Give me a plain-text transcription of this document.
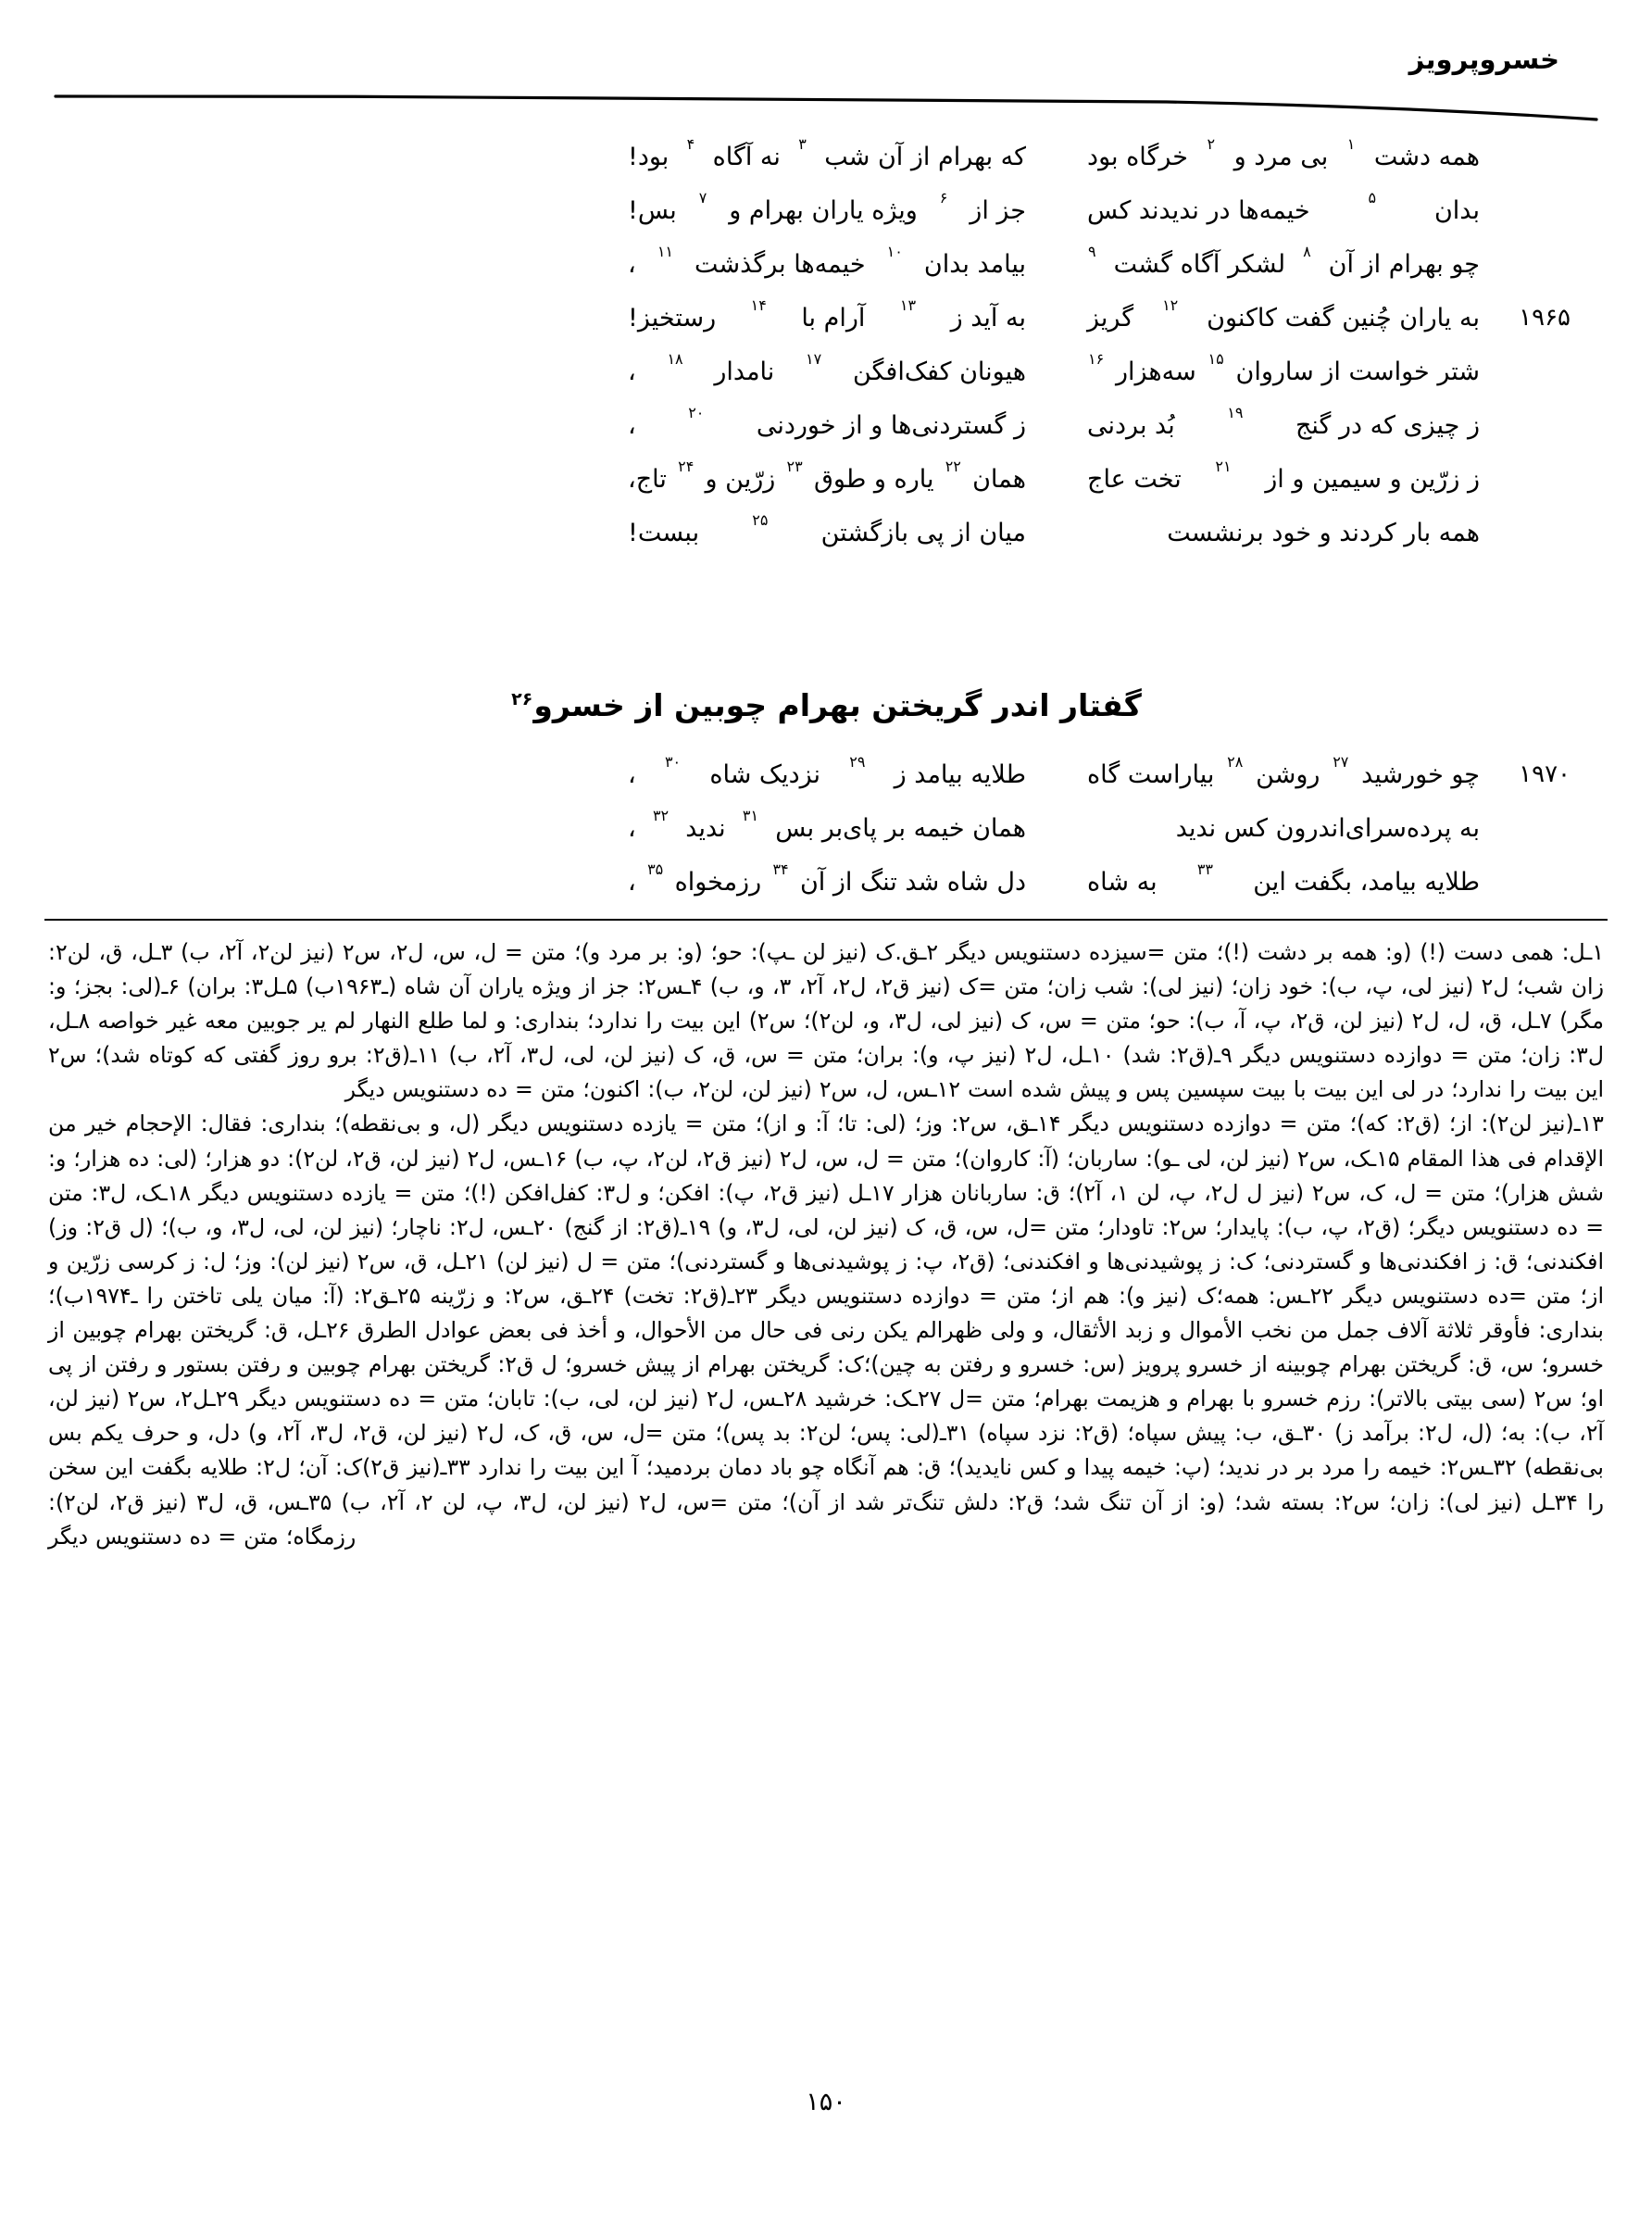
خسروپرویز
همه دشت
۱
بی مرد و
۲
خرگاه بود
که بهرام از آن شب
۳
نه آگاه
۴
بود!
بدان
۵
خیمه‌ها در ندیدند کس
جز از
۶
ویژه یاران بهرام و
۷
بس!
چو بهرام از آن
۸
لشکر آگاه گشت
۹
بیامد بدان
۱۰
خیمه‌ها برگذشت
۱۱
،
۱۹۶۵
به یاران چُنین گفت کاکنون
۱۲
گریز
به آید ز
۱۳
آرام با
۱۴
رستخیز!
شتر خواست از ساروان
۱۵
سه‌هزار
۱۶
هیونان کفک‌افگن
۱۷
نامدار
۱۸
،
ز چیزی که در گنج
۱۹
بُد بردنی
ز گستردنی‌ها و از خوردنی
۲۰
،
ز زرّین و سیمین و از
۲۱
تخت عاج
همان
۲۲
یاره و طوق
۲۳
زرّین و
۲۴
تاج،
همه بار کردند و خود برنشست
میان از پی بازگشتن
۲۵
ببست!
گفتار اندر گریختن بهرام چوبین از خسرو$^{۲۶}$
۱۹۷۰
چو خورشید
۲۷
روشن
۲۸
بیاراست گاه
طلایه بیامد ز
۲۹
نزدیک شاه
۳۰
،
به پرده‌سرای‌اندرون کس ندید
همان خیمه بر پای‌بر بس
۳۱
ندید
۳۲
،
طلایه بیامد، بگفت این
۳۳
به شاه
دل شاه شد تنگ از آن
۳۴
رزمخواه
۳۵
،

۱ـل: همی دست (!) (و: همه بر دشت (!)؛ متن =سیزده دستنویس دیگر ۲ـق.ک (نیز لن ـپ): حو؛ (و: بر مرد و)؛ متن = ل، س، ل۲، س۲ (نیز لن۲، آ۲، ب) ۳ـل، ق، لن۲: زان شب؛ ل۲ (نیز لی، پ، ب): خود زان؛ (نیز لی): شب زان؛ متن =ک (نیز ق۲، ل۲، آ۲، ۳، و، ب) ۴ـس۲: جز از ویژه یاران آن شاه (ـ۱۹۶۳ب) ۵ـل۳: بران) ۶ـ(لی: بجز؛ و: مگر) ۷ـل، ق، ل، ل۲ (نیز لن، ق۲، پ، آ، ب): حو؛ متن = س، ک (نیز لی، ل۳، و، لن۲)؛ س۲) این بیت را ندارد؛ بنداری: و لما طلع النهار لم یر جوبین معه غیر خواصه ۸ـل، ل۳: زان؛ متن = دوازده دستنویس دیگر ۹ـ(ق۲: شد) ۱۰ـل، ل۲ (نیز پ، و): بران؛ متن = س، ق، ک (نیز لن، لی، ل۳، آ۲، ب) ۱۱ـ(ق۲: برو روز گفتی که کوتاه شد)؛ س۲ این بیت را ندارد؛ در لی این بیت با بیت سپسین پس و پیش شده است ۱۲ـس، ل، س۲ (نیز لن، لن۲، ب): اکنون؛ متن = ده دستنویس دیگر

۱۳ـ(نیز لن۲): از؛ (ق۲: که)؛ متن = دوازده دستنویس دیگر ۱۴ـق، س۲: وز؛ (لی: تا؛ آ: و از)؛ متن = یازده دستنویس دیگر (ل، و بی‌نقطه)؛ بنداری: فقال: الإحجام خیر من الإقدام فی هذا المقام ۱۵ـک، س۲ (نیز لن، لی ـو): ساربان؛ (آ: کاروان)؛ متن = ل، س، ل۲ (نیز ق۲، لن۲، پ، ب) ۱۶ـس، ل۲ (نیز لن، ق۲، لن۲): دو هزار؛ (لی: ده هزار؛ و: شش هزار)؛ متن = ل، ک، س۲ (نیز ل ل۲، پ، لن ۱، آ۲)؛ ق: ساربانان هزار ۱۷ـل (نیز ق۲، پ): افکن؛ و ل۳: کفل‌افکن (!)؛ متن = یازده دستنویس دیگر ۱۸ـک، ل۳: متن = ده دستنویس دیگر؛ (ق۲، پ، ب): پایدار؛ س۲: تاودار؛ متن =ل، س، ق، ک (نیز لن، لی، ل۳، و) ۱۹ـ(ق۲: از گنج) ۲۰ـس، ل۲: ناچار؛ (نیز لن، لی، ل۳، و، ب)؛ (ل ق۲: وز) افکندنی؛ ق: ز افکندنی‌ها و گستردنی؛ ک: ز پوشیدنی‌ها و افکندنی؛ (ق۲، پ: ز پوشیدنی‌ها و گستردنی)؛ متن = ل (نیز لن) ۲۱ـل، ق، س۲ (نیز لن): وز؛ ل: ز کرسی زرّین و از؛ متن =ده دستنویس دیگر ۲۲ـس: همه؛ک (نیز و): هم از؛ متن = دوازده دستنویس دیگر ۲۳ـ(ق۲: تخت) ۲۴ـق، س۲: و زرّینه ۲۵ـق۲: (آ: میان یلی تاختن را ـ۱۹۷۴ب)؛ بنداری: فأوقر ثلاثة آلاف جمل من نخب الأموال و زبد الأثقال، و ولی ظهرالم یکن رنی فی حال من الأحوال، و أخذ فی بعض عوادل الطرق ۲۶ـل، ق: گریختن بهرام چوبین از خسرو؛ س، ق: گریختن بهرام چوبینه از خسرو پرویز (س: خسرو و رفتن به چین)؛ک: گریختن بهرام از پیش خسرو؛ ل ق۲: گریختن بهرام چوبین و رفتن بستور و رفتن از پی او؛ س۲ (سی بیتی بالاتر): رزم خسرو با بهرام و هزیمت بهرام؛ متن =ل ۲۷ـک: خرشید ۲۸ـس، ل۲ (نیز لن، لی، ب): تابان؛ متن = ده دستنویس دیگر ۲۹ـل۲، س۲ (نیز لن، آ۲، ب): به؛ (ل، ل۲: برآمد ز) ۳۰ـق، ب: پیش سپاه؛ (ق۲: نزد سپاه) ۳۱ـ(لی: پس؛ لن۲: بد پس)؛ متن =ل، س، ق، ک، ل۲ (نیز لن، ق۲، ل۳، آ۲، و) دل، و حرف یکم بس بی‌نقطه) ۳۲ـس۲: خیمه را مرد بر در ندید؛ (پ: خیمه پیدا و کس نایدید)؛ ق: هم آنگاه چو باد دمان بردمید؛ آ این بیت را ندارد ۳۳ـ(نیز ق۲)ک: آن؛ ل۲: طلایه بگفت این سخن را ۳۴ـل (نیز لی): زان؛ س۲: بسته شد؛ (و: از آن تنگ شد؛ ق۲: دلش تنگ‌تر شد از آن)؛ متن =س، ل۲ (نیز لن، ل۳، پ، لن ۲، آ۲، ب) ۳۵ـس، ق، ل۳ (نیز ق۲، لن۲): رزمگاه؛ متن = ده دستنویس دیگر

۱۵۰
